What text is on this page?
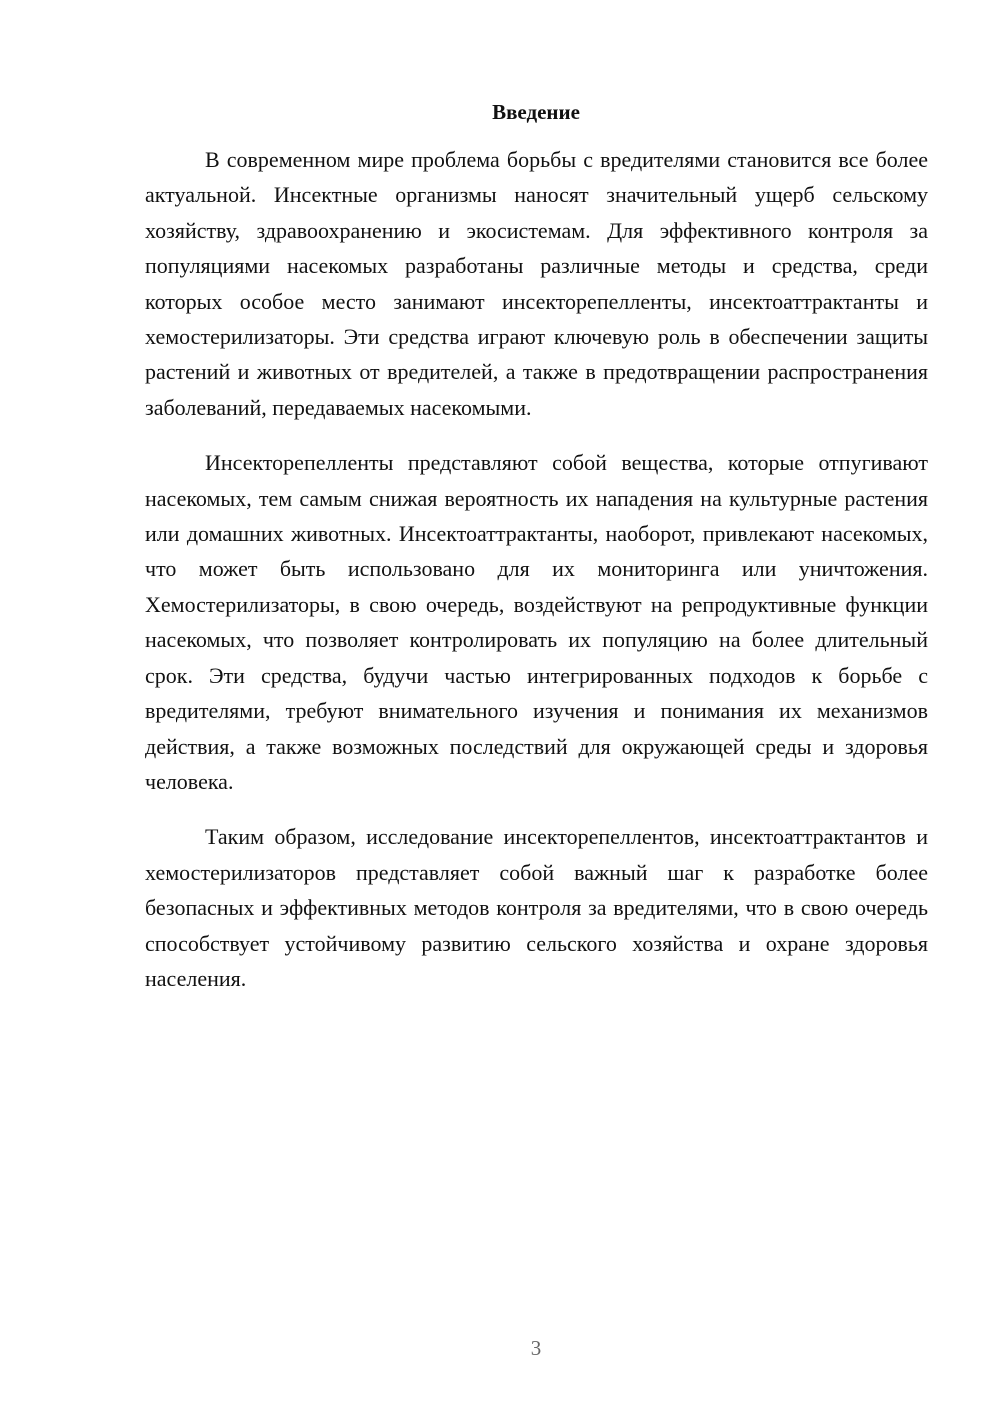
Введение

В современном мире проблема борьбы с вредителями становится все более актуальной. Инсектные организмы наносят значительный ущерб сельскому хозяйству, здравоохранению и экосистемам. Для эффективного контроля за популяциями насекомых разработаны различные методы и средства, среди которых особое место занимают инсекторепелленты, инсектоаттрактанты и хемостерилизаторы. Эти средства играют ключевую роль в обеспечении защиты растений и животных от вредителей, а также в предотвращении распространения заболеваний, передаваемых насекомыми.

Инсекторепелленты представляют собой вещества, которые отпугивают насекомых, тем самым снижая вероятность их нападения на культурные растения или домашних животных. Инсектоаттрактанты, наоборот, привлекают насекомых, что может быть использовано для их мониторинга или уничтожения. Хемостерилизаторы, в свою очередь, воздействуют на репродуктивные функции насекомых, что позволяет контролировать их популяцию на более длительный срок. Эти средства, будучи частью интегрированных подходов к борьбе с вредителями, требуют внимательного изучения и понимания их механизмов действия, а также возможных последствий для окружающей среды и здоровья человека.

Таким образом, исследование инсекторепеллентов, инсектоаттрактантов и хемостерилизаторов представляет собой важный шаг к разработке более безопасных и эффективных методов контроля за вредителями, что в свою очередь способствует устойчивому развитию сельского хозяйства и охране здоровья населения.

3
